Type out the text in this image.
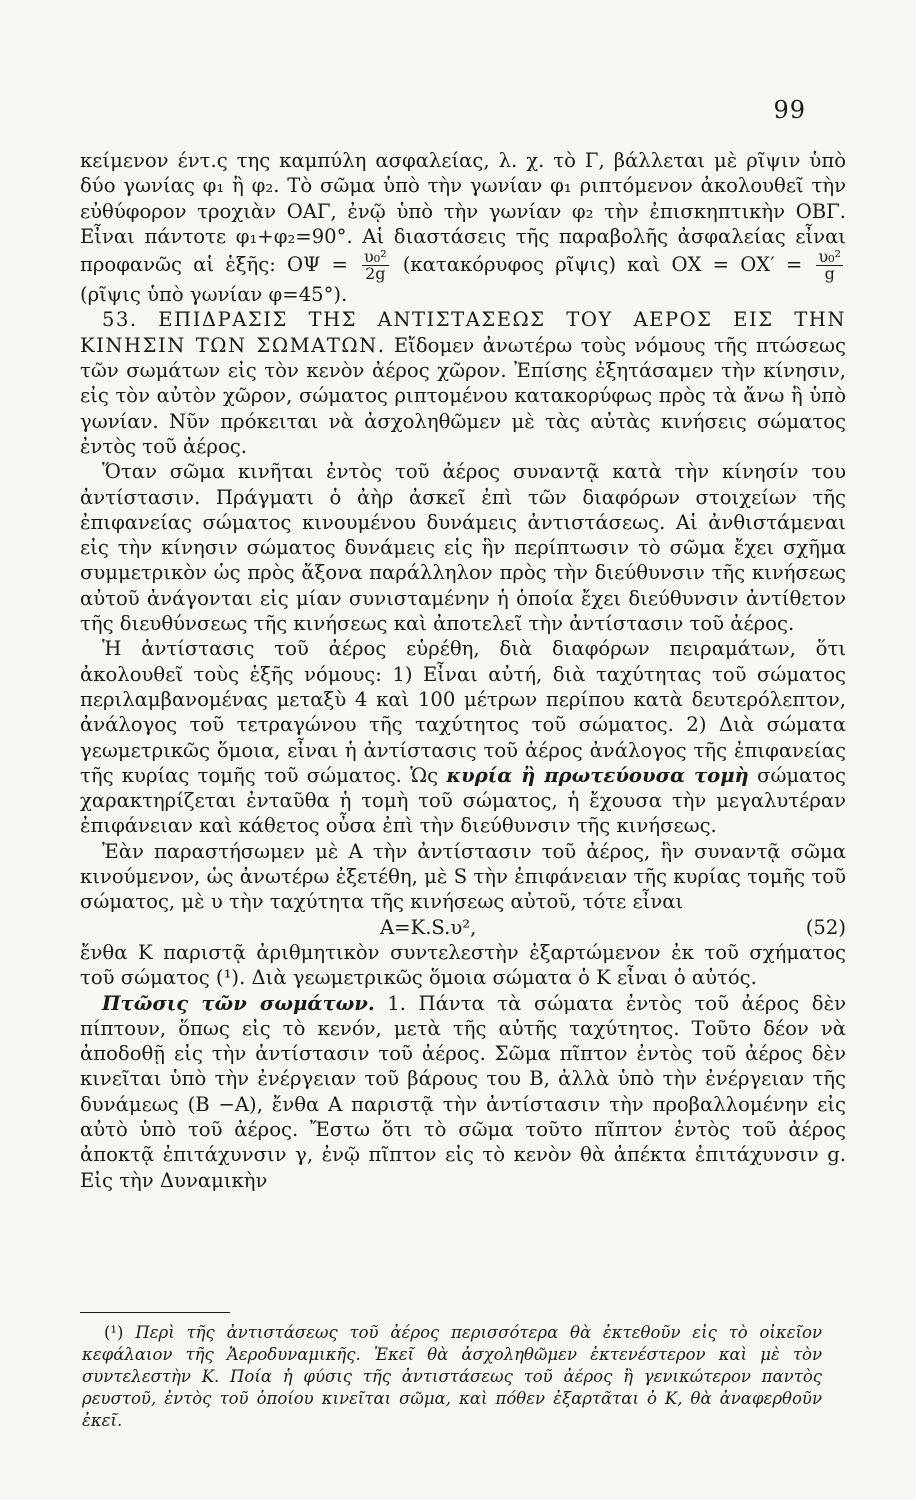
99

κείμενον έντ.ς της καμπύλη ασφαλείας, λ. χ. τὸ Γ, βάλλεται μὲ ρῖψιν ὑπὸ δύο γωνίας φ₁ ἢ φ₂. Τὸ σῶμα ὑπὸ τὴν γωνίαν φ₁ ριπτόμενον ἀκολουθεῖ τὴν εὐθύφορον τροχιὰν ΟΑΓ, ἐνῷ ὑπὸ τὴν γωνίαν φ₂ τὴν ἐπισκηπτικὴν ΟΒΓ. Εἶναι πάντοτε φ₁+φ₂=90°. Αἱ διαστάσεις τῆς παραβολῆς ἀσφαλείας εἶναι προφανῶς αἱ ἑξῆς: $O\Psi = \frac{\text{υ₀²}}{2g} (\kappa\alpha\tau\alpha\kappa ό\rho\upsilon\varphi o\varsigma$ ρῖψις) καὶ $OX = OX' = \frac{\text{υ₀²}}{g}$
(ρῖψις ὑπὸ γωνίαν φ=45°).

53. ΕΠΙΔΡΑΣΙΣ ΤΗΣ ΑΝΤΙΣΤΑΣΕΩΣ ΤΟΥ ΑΕΡΟΣ ΕΙΣ ΤΗΝ ΚΙΝΗΣΙΝ ΤΩΝ ΣΩΜΑΤΩΝ. Εἴδομεν ἀνωτέρω τοὺς νόμους τῆς πτώσεως τῶν σωμάτων εἰς τὸν κενὸν ἀέρος χῶρον. Ἐπίσης ἐξητάσαμεν τὴν κίνησιν, εἰς τὸν αὐτὸν χῶρον, σώματος ριπτομένου κατακορύφως πρὸς τὰ ἄνω ἢ ὑπὸ γωνίαν. Νῦν πρόκειται νὰ ἀσχοληθῶμεν μὲ τὰς αὐτὰς κινήσεις σώματος ἐντὸς τοῦ ἀέρος.

Ὅταν σῶμα κινῆται ἐντὸς τοῦ ἀέρος συναντᾷ κατὰ τὴν κίνησίν του ἀντίστασιν. Πράγματι ὁ ἀὴρ ἀσκεῖ ἐπὶ τῶν διαφόρων στοιχείων τῆς ἐπιφανείας σώματος κινουμένου δυνάμεις ἀντιστάσεως. Αἱ ἀνθιστάμεναι εἰς τὴν κίνησιν σώματος δυνάμεις εἰς ἣν περίπτωσιν τὸ σῶμα ἔχει σχῆμα συμμετρικὸν ὡς πρὸς ἄξονα παράλληλον πρὸς τὴν διεύθυνσιν τῆς κινήσεως αὐτοῦ ἀνάγονται εἰς μίαν συνισταμένην ἡ ὁποία ἔχει διεύθυνσιν ἀντίθετον τῆς διευθύνσεως τῆς κινήσεως καὶ ἀποτελεῖ τὴν ἀντίστασιν τοῦ ἀέρος.

Ἡ ἀντίστασις τοῦ ἀέρος εὑρέθη, διὰ διαφόρων πειραμάτων, ὅτι ἀκολουθεῖ τοὺς ἑξῆς νόμους: 1) Εἶναι αὐτή, διὰ ταχύτητας τοῦ σώματος περιλαμβανομένας μεταξὺ 4 καὶ 100 μέτρων περίπου κατὰ δευτερόλεπτον, ἀνάλογος τοῦ τετραγώνου τῆς ταχύτητος τοῦ σώματος. 2) Διὰ σώματα γεωμετρικῶς ὅμοια, εἶναι ἡ ἀντίστασις τοῦ ἀέρος ἀνάλογος τῆς ἐπιφανείας τῆς κυρίας τομῆς τοῦ σώματος. Ὡς κυρία ἢ πρωτεύουσα τομὴ σώματος χαρακτηρίζεται ἐνταῦθα ἡ τομὴ τοῦ σώματος, ἡ ἔχουσα τὴν μεγαλυτέραν ἐπιφάνειαν καὶ κάθετος οὖσα ἐπὶ τὴν διεύθυνσιν τῆς κινήσεως.

Ἐὰν παραστήσωμεν μὲ Α τὴν ἀντίστασιν τοῦ ἀέρος, ἣν συναντᾷ σῶμα κινούμενον, ὡς ἀνωτέρω ἐξετέθη, μὲ S τὴν ἐπιφάνειαν τῆς κυρίας τομῆς τοῦ σώματος, μὲ υ τὴν ταχύτητα τῆς κινήσεως αὐτοῦ, τότε εἶναι

Α=Κ.S.υ²,	(52)

ἔνθα Κ παριστᾷ ἀριθμητικὸν συντελεστὴν ἐξαρτώμενον ἐκ τοῦ σχήματος τοῦ σώματος (¹). Διὰ γεωμετρικῶς ὅμοια σώματα ὁ Κ εἶναι ὁ αὐτός.

Πτῶσις τῶν σωμάτων. 1. Πάντα τὰ σώματα ἐντὸς τοῦ ἀέρος δὲν πίπτουν, ὅπως εἰς τὸ κενόν, μετὰ τῆς αὐτῆς ταχύτητος. Τοῦτο δέον νὰ ἀποδοθῇ εἰς τὴν ἀντίστασιν τοῦ ἀέρος. Σῶμα πῖπτον ἐντὸς τοῦ ἀέρος δὲν κινεῖται ὑπὸ τὴν ἐνέργειαν τοῦ βάρους του Β, ἀλλὰ ὑπὸ τὴν ἐνέργειαν τῆς δυνάμεως (Β −Α), ἔνθα Α παριστᾷ τὴν ἀντίστασιν τὴν προβαλλομένην εἰς αὐτὸ ὑπὸ τοῦ ἀέρος. Ἔστω ὅτι τὸ σῶμα τοῦτο πῖπτον ἐντὸς τοῦ ἀέρος ἀποκτᾷ ἐπιτάχυνσιν γ, ἐνῷ πῖπτον εἰς τὸ κενὸν θὰ ἀπέκτα ἐπιτάχυνσιν g. Εἰς τὴν Δυναμικὴν

(¹) Περὶ τῆς ἀντιστάσεως τοῦ ἀέρος περισσότερα θὰ ἐκτεθοῦν εἰς τὸ οἰκεῖον κεφάλαιον τῆς Ἀεροδυναμικῆς. Ἐκεῖ θὰ ἀσχοληθῶμεν ἐκτενέστερον καὶ μὲ τὸν συντελεστὴν Κ. Ποία ἡ φύσις τῆς ἀντιστάσεως τοῦ ἀέρος ἢ γενικώτερον παντὸς ρευστοῦ, ἐντὸς τοῦ ὁποίου κινεῖται σῶμα, καὶ πόθεν ἐξαρτᾶται ὁ Κ, θὰ ἀναφερθοῦν ἐκεῖ.
